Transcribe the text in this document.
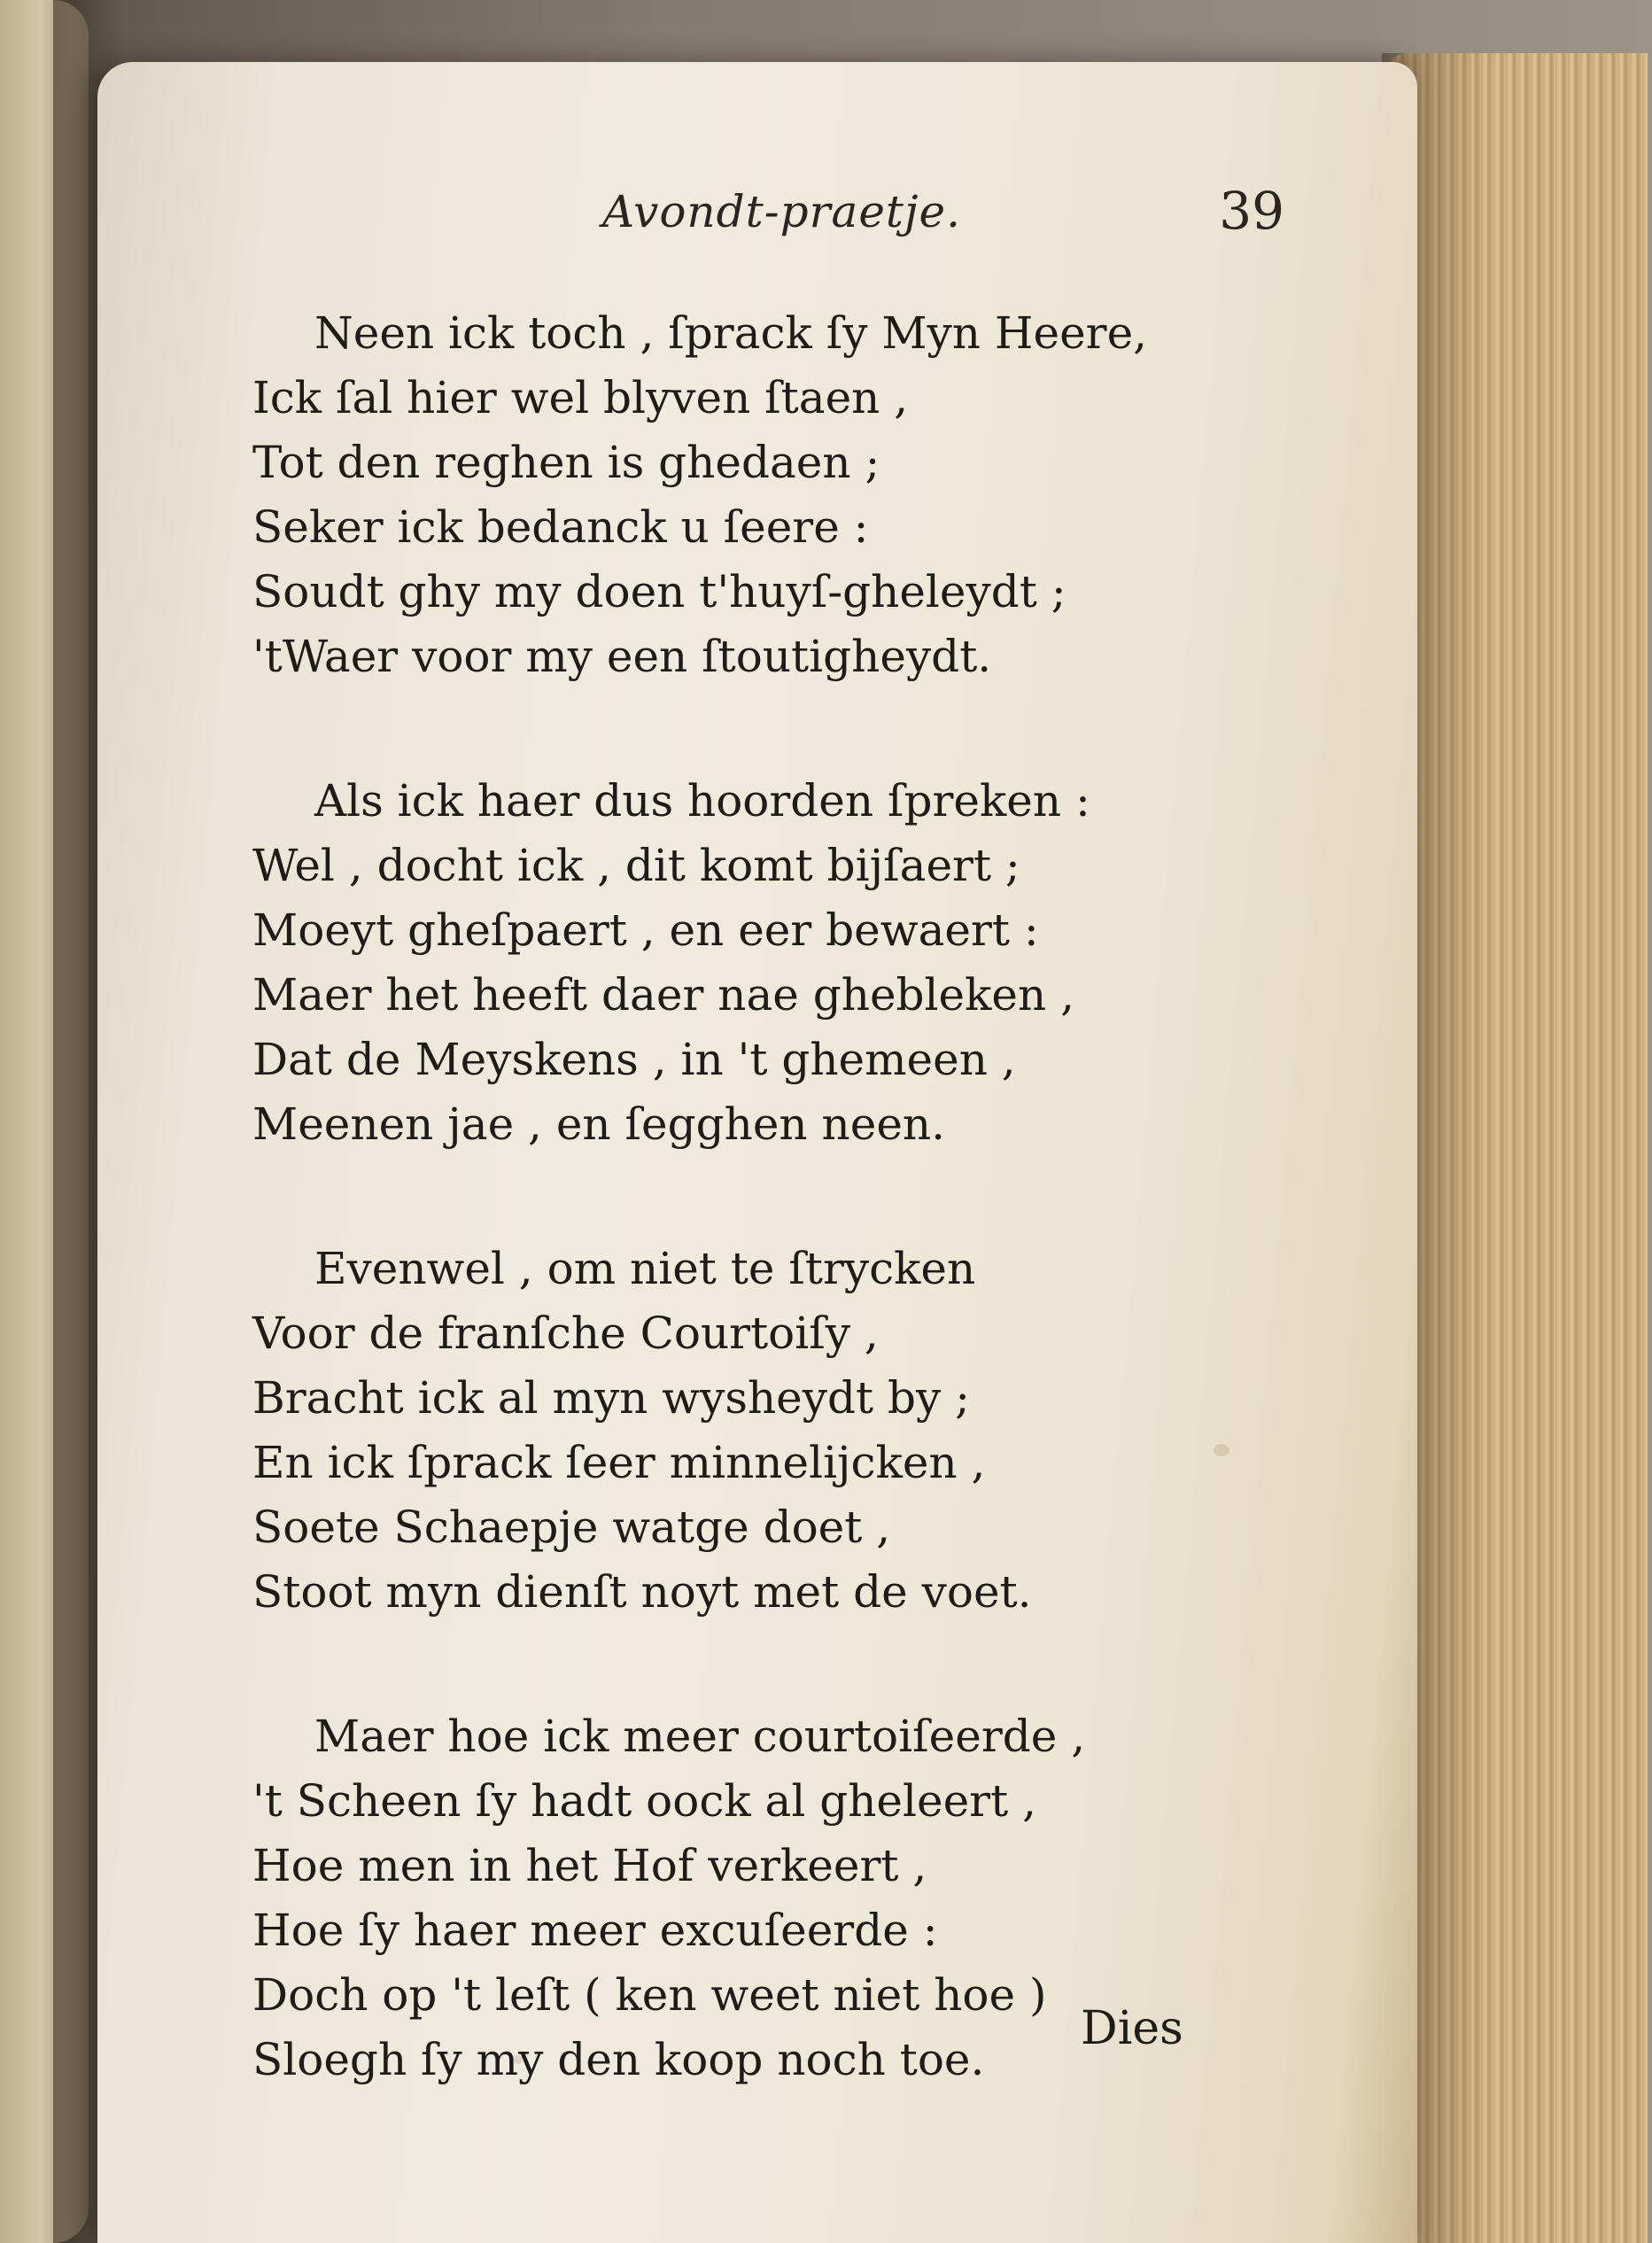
Avondt-praetje.	39
Neen ick toch , ſprack ſy Myn Heere,
Ick ſal hier wel blyven ſtaen ,
Tot den reghen is ghedaen ;
Seker ick bedanck u ſeere :
Soudt ghy my doen t'huyſ-gheleydt ;
'tWaer voor my een ſtoutigheydt.
Als ick haer dus hoorden ſpreken :
Wel , docht ick , dit komt bijſaert ;
Moeyt gheſpaert , en eer bewaert :
Maer het heeft daer nae ghebleken ,
Dat de Meyskens , in 't ghemeen ,
Meenen jae , en ſegghen neen.
Evenwel , om niet te ſtrycken
Voor de franſche Courtoiſy ,
Bracht ick al myn wysheydt by ;
En ick ſprack ſeer minnelijcken ,
Soete Schaepje watge doet ,
Stoot myn dienſt noyt met de voet.
Maer hoe ick meer courtoiſeerde ,
't Scheen ſy hadt oock al gheleert ,
Hoe men in het Hof verkeert ,
Hoe ſy haer meer excuſeerde :
Doch op 't leſt ( ken weet niet hoe )
Sloegh ſy my den koop noch toe.
Dies
